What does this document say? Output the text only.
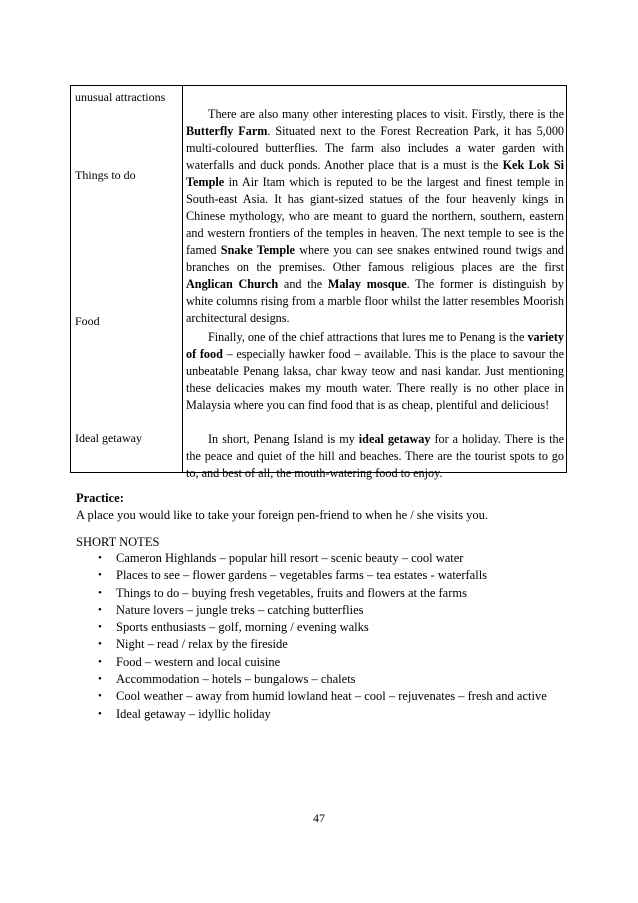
unusual attractions
Things to do
Food
Ideal getaway

There are also many other interesting places to visit. Firstly, there is the Butterfly Farm. Situated next to the Forest Recreation Park, it has 5,000 multi-coloured butterflies. The farm also includes a water garden with waterfalls and duck ponds. Another place that is a must is the Kek Lok Si Temple in Air Itam which is reputed to be the largest and finest temple in South-east Asia. It has giant-sized statues of the four heavenly kings in Chinese mythology, who are meant to guard the northern, southern, eastern and western frontiers of the temples in heaven. The next temple to see is the famed Snake Temple where you can see snakes entwined round twigs and branches on the premises. Other famous religious places are the first Anglican Church and the Malay mosque. The former is distinguish by white columns rising from a marble floor whilst the latter resembles Moorish architectural designs.

Finally, one of the chief attractions that lures me to Penang is the variety of food – especially hawker food – available. This is the place to savour the unbeatable Penang laksa, char kway teow and nasi kandar. Just mentioning these delicacies makes my mouth water. There really is no other place in Malaysia where you can find food that is as cheap, plentiful and delicious!

In short, Penang Island is my ideal getaway for a holiday. There is the the peace and quiet of the hill and beaches. There are the tourist spots to go to, and best of all, the mouth-watering food to enjoy.

Practice:
A place you would like to take your foreign pen-friend to when he / she visits you.
SHORT NOTES
• Cameron Highlands – popular hill resort – scenic beauty – cool water
• Places to see – flower gardens – vegetables farms – tea estates - waterfalls
• Things to do – buying fresh vegetables, fruits and flowers at the farms
• Nature lovers – jungle treks – catching butterflies
• Sports enthusiasts – golf, morning / evening walks
• Night – read / relax by the fireside
• Food – western and local cuisine
• Accommodation – hotels – bungalows – chalets
• Cool weather – away from humid lowland heat – cool – rejuvenates – fresh and active
• Ideal getaway – idyllic holiday
47
